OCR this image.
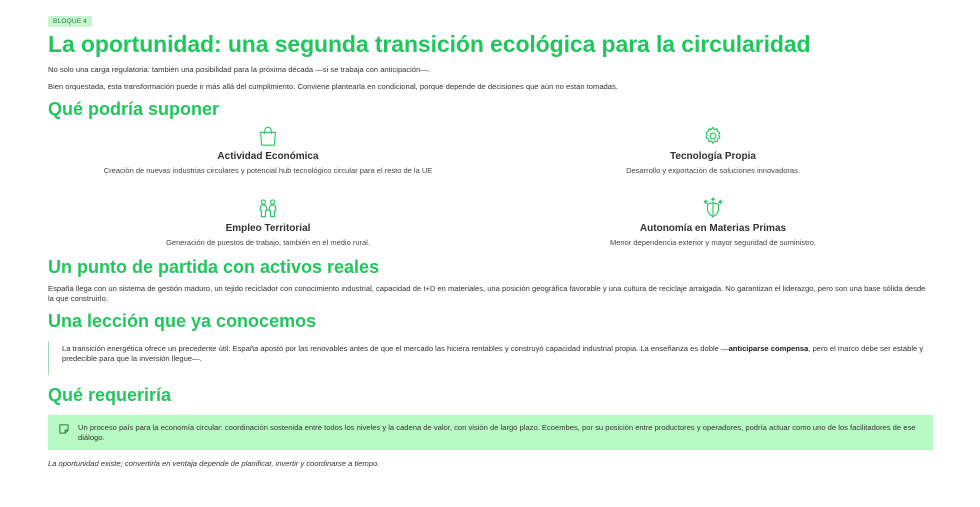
BLOQUE 4
La oportunidad: una segunda transición ecológica para la circularidad

No solo una carga regulatoria: también una posibilidad para la próxima década —si se trabaja con anticipación—.

Bien orquestada, esta transformación puede ir más allá del cumplimiento. Conviene plantearla en condicional, porque depende de decisiones que aún no están tomadas.

Qué podría suponer
Actividad Económica
Creación de nuevas industrias circulares y potencial hub tecnológico circular para el resto de la UE
Tecnología Propia
Desarrollo y exportación de soluciones innovadoras.
Empleo Territorial
Generación de puestos de trabajo, también en el medio rural.
Autonomía en Materias Primas
Menor dependencia exterior y mayor seguridad de suministro.
Un punto de partida con activos reales

España llega con un sistema de gestión maduro, un tejido reciclador con conocimiento industrial, capacidad de I+D en materiales, una posición geográfica favorable y una cultura de reciclaje arraigada. No garantizan el liderazgo, pero son una base sólida desde la que construirlo.

Una lección que ya conocemos

La transición energética ofrece un precedente útil: España apostó por las renovables antes de que el mercado las hiciera rentables y construyó capacidad industrial propia. La enseñanza es doble —anticiparse compensa, pero el marco debe ser estable y predecible para que la inversión llegue—.

Qué requeriría

Un proceso país para la economía circular: coordinación sostenida entre todos los niveles y la cadena de valor, con visión de largo plazo. Ecoembes, por su posición entre productores y operadores, podría actuar como uno de los facilitadores de ese diálogo.

La oportunidad existe; convertirla en ventaja depende de planificar, invertir y coordinarse a tiempo.
